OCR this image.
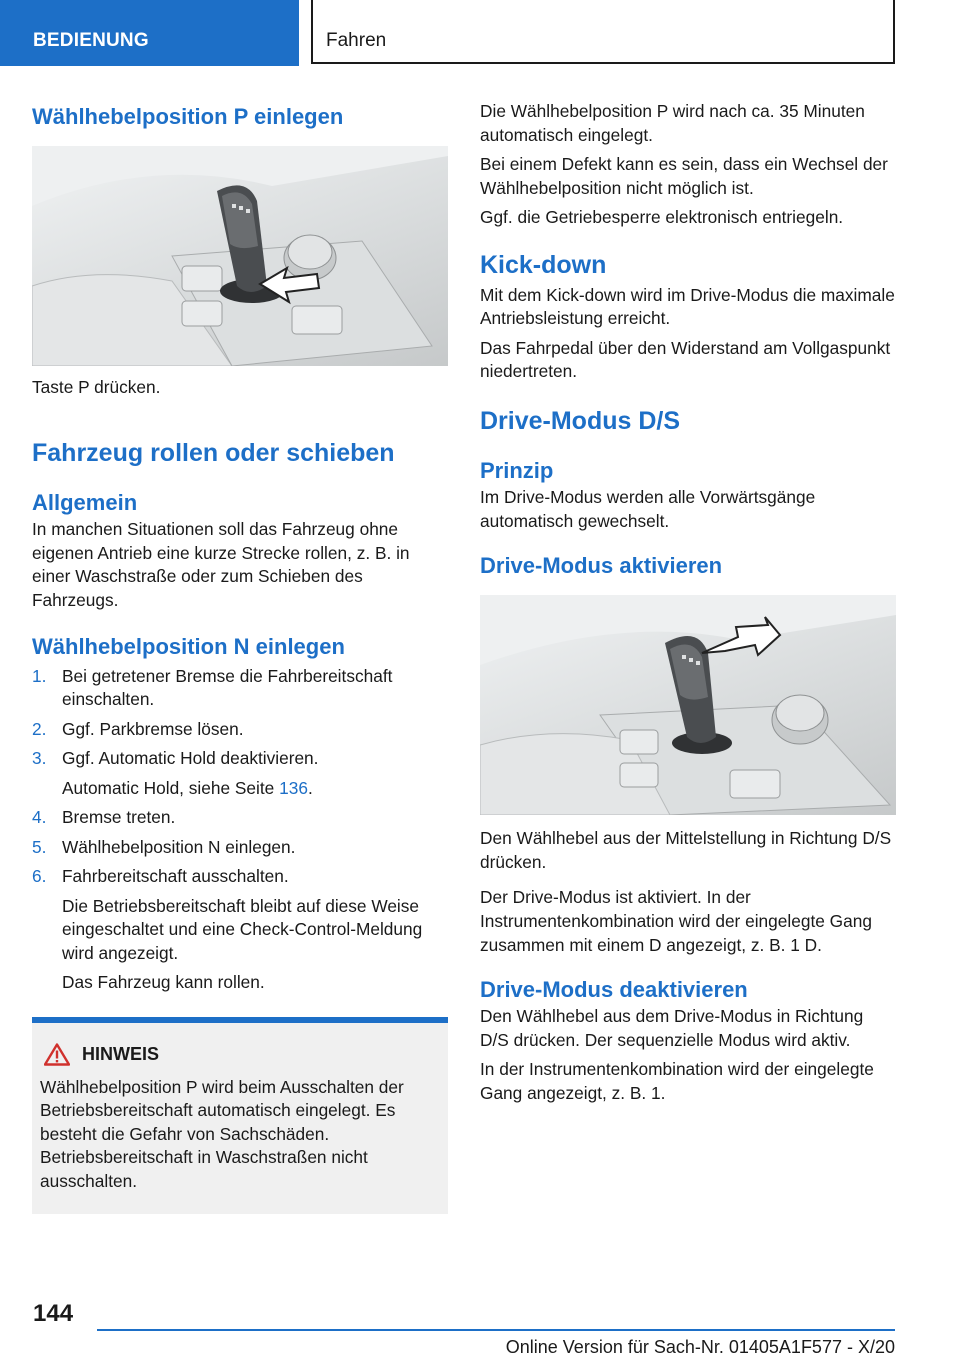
BEDIENUNG	Fahren
Wählhebelposition P einlegen

Taste P drücken.

Fahrzeug rollen oder schieben
Allgemein

In manchen Situationen soll das Fahrzeug ohne eigenen Antrieb eine kurze Strecke rollen, z. B. in einer Waschstraße oder zum Schieben des Fahrzeugs.

Wählhebelposition N einlegen
1. Bei getretener Bremse die Fahrbereitschaft einschalten.
2. Ggf. Parkbremse lösen.
3. Ggf. Automatic Hold deaktivieren.
Automatic Hold, siehe Seite 136.
4. Bremse treten.
5. Wählhebelposition N einlegen.
6. Fahrbereitschaft ausschalten.
Die Betriebsbereitschaft bleibt auf diese Weise eingeschaltet und eine Check-Control-Meldung wird angezeigt.
Das Fahrzeug kann rollen.
HINWEIS

Wählhebelposition P wird beim Ausschalten der Betriebsbereitschaft automatisch eingelegt. Es besteht die Gefahr von Sachschäden. Betriebsbereitschaft in Waschstraßen nicht ausschalten.

Die Wählhebelposition P wird nach ca. 35 Minuten automatisch eingelegt.

Bei einem Defekt kann es sein, dass ein Wechsel der Wählhebelposition nicht möglich ist.

Ggf. die Getriebesperre elektronisch entriegeln.

Kick-down

Mit dem Kick-down wird im Drive-Modus die maximale Antriebsleistung erreicht.

Das Fahrpedal über den Widerstand am Vollgaspunkt niedertreten.

Drive-Modus D/S
Prinzip

Im Drive-Modus werden alle Vorwärtsgänge automatisch gewechselt.

Drive-Modus aktivieren

Den Wählhebel aus der Mittelstellung in Richtung D/S drücken.

Der Drive-Modus ist aktiviert. In der Instrumentenkombination wird der eingelegte Gang zusammen mit einem D angezeigt, z. B. 1 D.

Drive-Modus deaktivieren

Den Wählhebel aus dem Drive-Modus in Richtung D/S drücken. Der sequenzielle Modus wird aktiv.

In der Instrumentenkombination wird der eingelegte Gang angezeigt, z. B. 1.

144
Online Version für Sach-Nr. 01405A1F577 - X/20
